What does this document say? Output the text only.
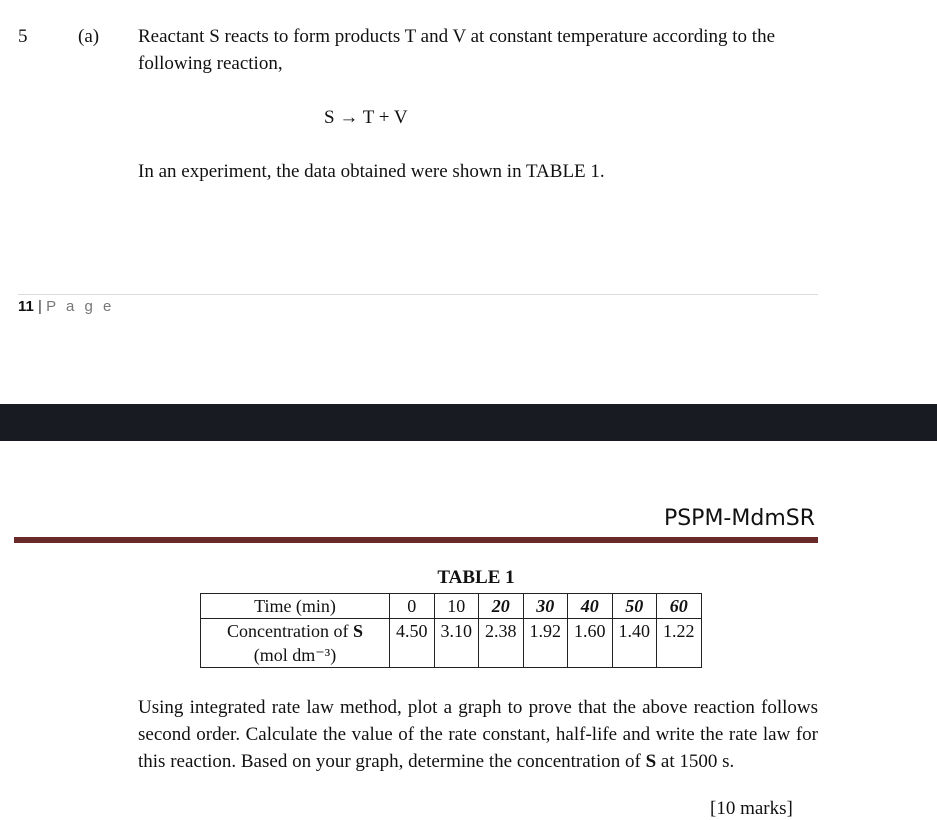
5	(a) Reactant S reacts to form products T and V at constant temperature according to the following reaction,
S → T + V
In an experiment, the data obtained were shown in TABLE 1.
11 | P a g e
PSPM-MdmSR
TABLE 1
Time (min)	0	10	20	30	40	50	60
Concentration of S
(mol dm⁻³)	4.50	3.10	2.38	1.92	1.60	1.40	1.22
Using integrated rate law method, plot a graph to prove that the above reaction follows second order. Calculate the value of the rate constant, half-life and write the rate law for this reaction. Based on your graph, determine the concentration of S at 1500 s.
[10 marks]
